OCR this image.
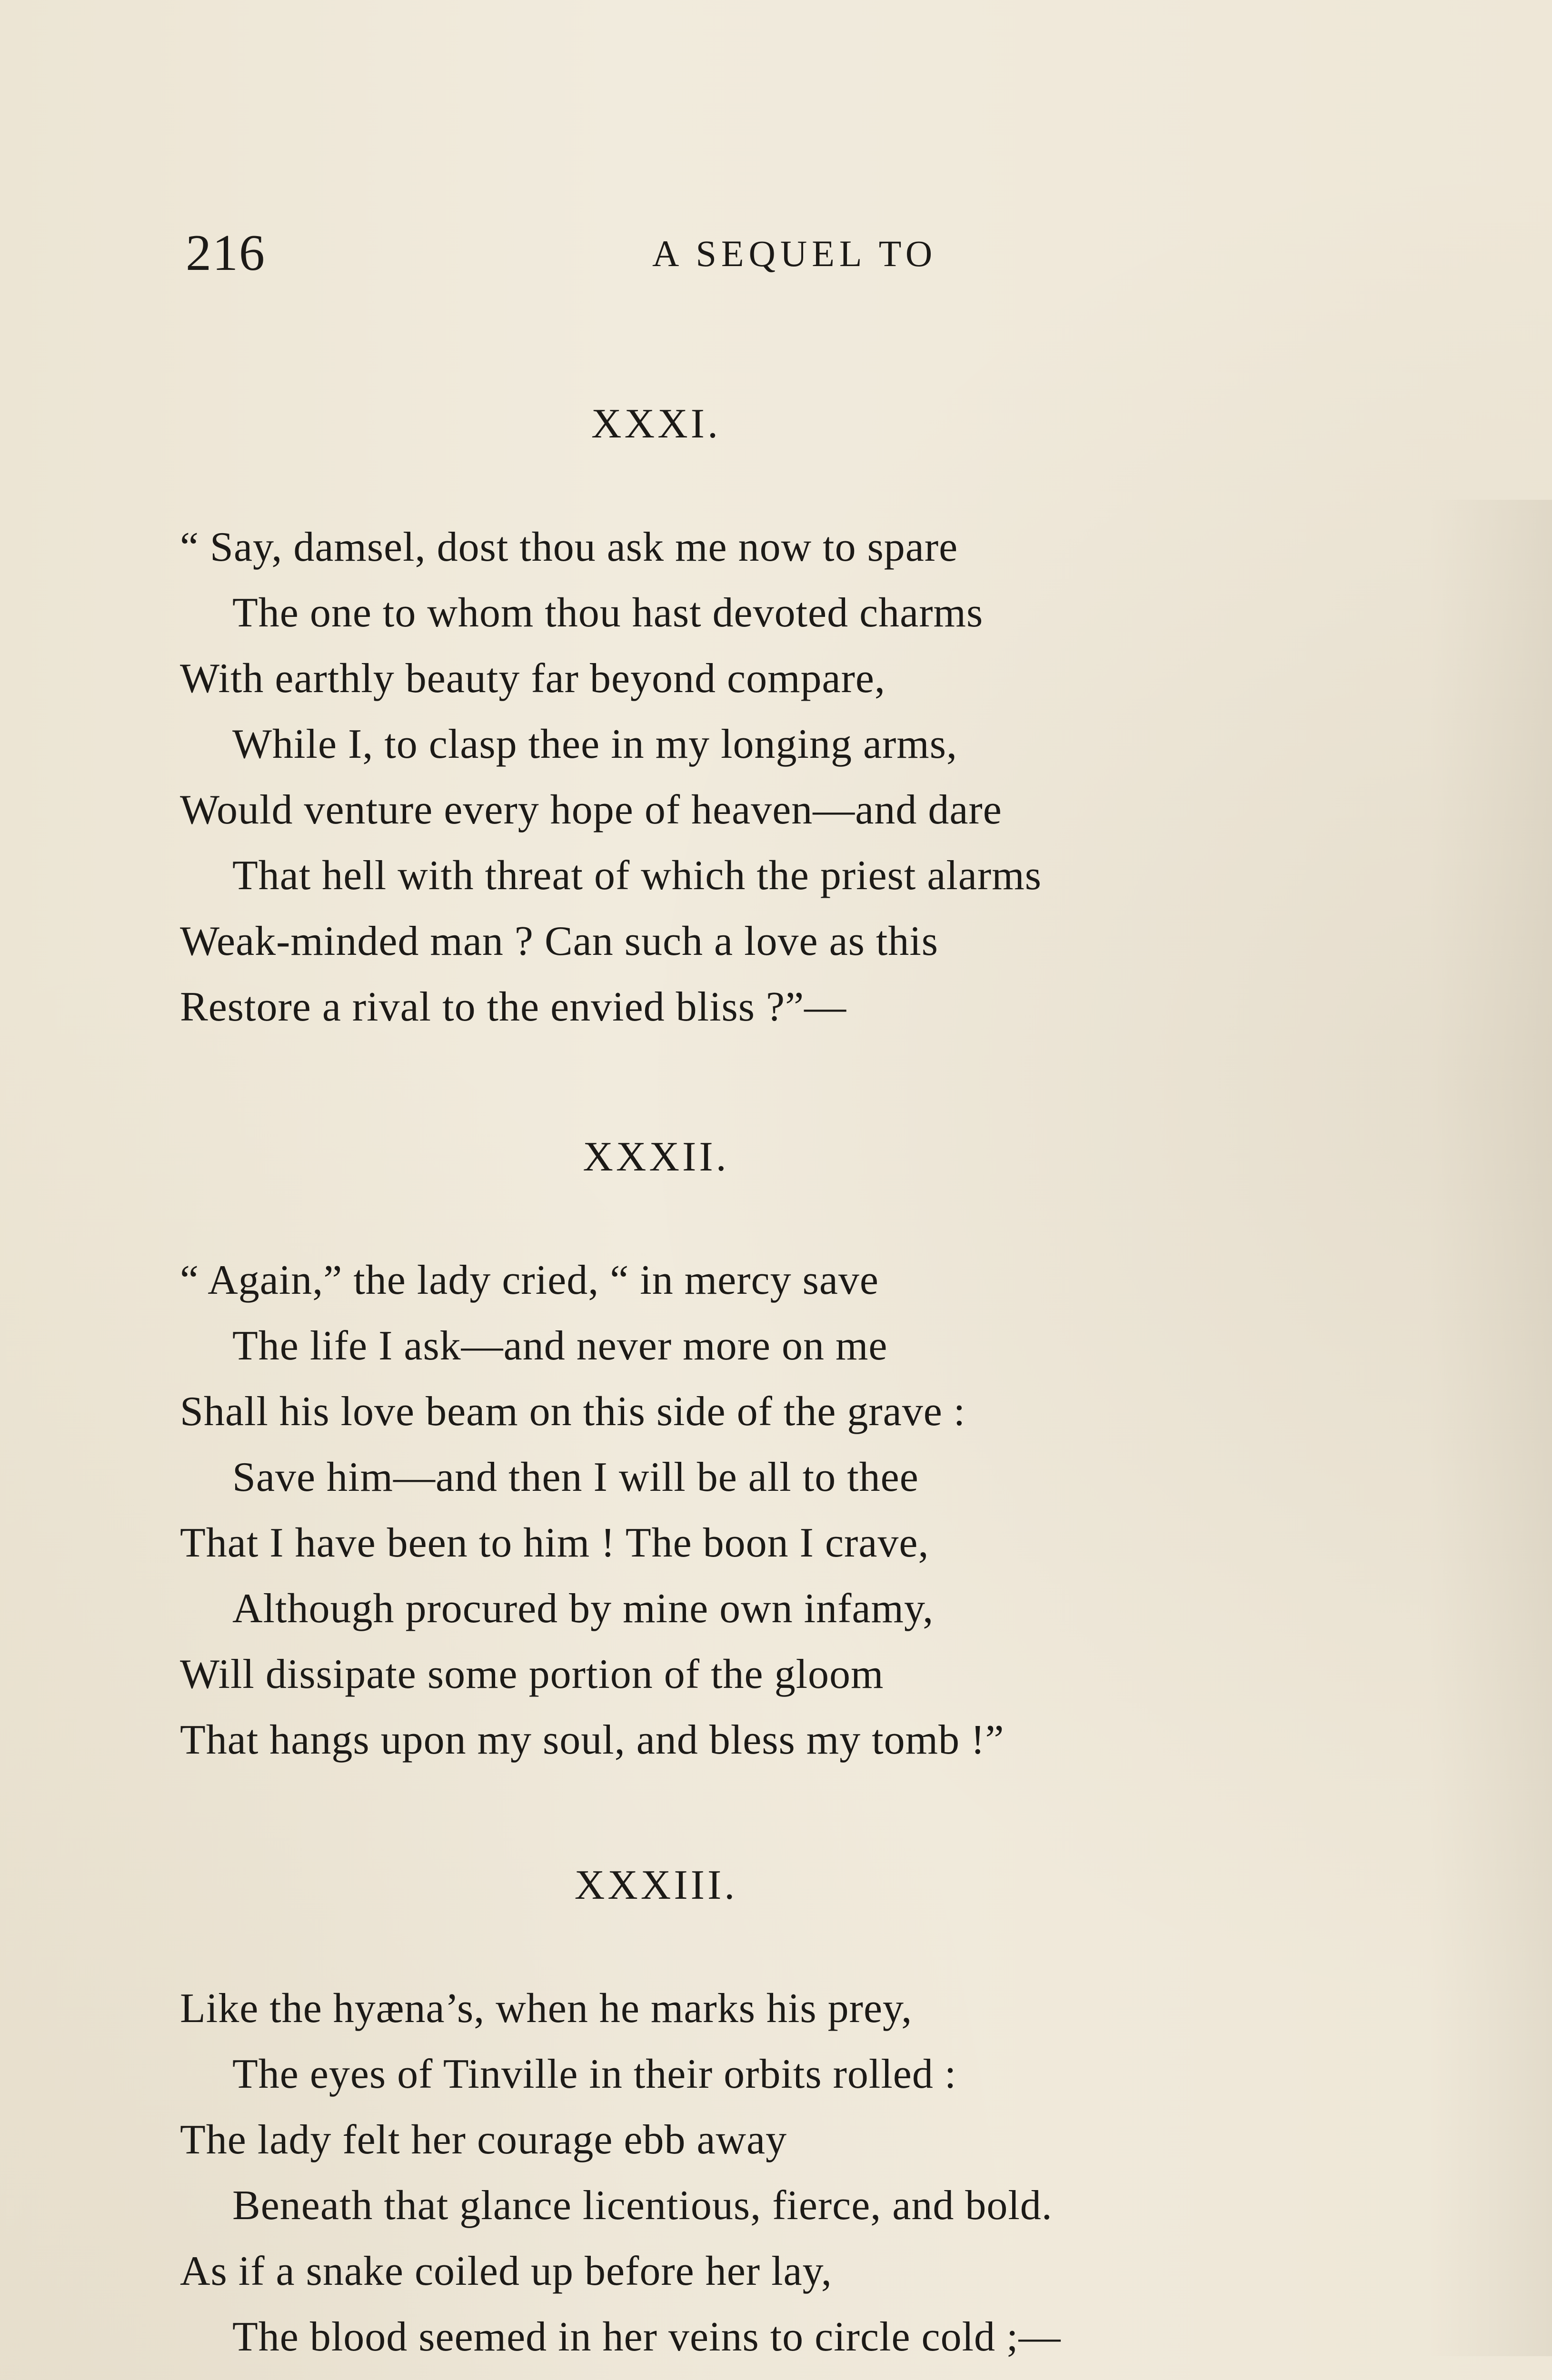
216	A SEQUEL TO
XXXI.
“ Say, damsel, dost thou ask me now to spare
The one to whom thou hast devoted charms
With earthly beauty far beyond compare,
While I, to clasp thee in my longing arms,
Would venture every hope of heaven—and dare
That hell with threat of which the priest alarms
Weak-minded man ? Can such a love as this
Restore a rival to the envied bliss ?”—
XXXII.
“ Again,” the lady cried, “ in mercy save
The life I ask—and never more on me
Shall his love beam on this side of the grave :
Save him—and then I will be all to thee
That I have been to him ! The boon I crave,
Although procured by mine own infamy,
Will dissipate some portion of the gloom
That hangs upon my soul, and bless my tomb !”
XXXIII.
Like the hyæna’s, when he marks his prey,
The eyes of Tinville in their orbits rolled :
The lady felt her courage ebb away
Beneath that glance licentious, fierce, and bold.
As if a snake coiled up before her lay,
The blood seemed in her veins to circle cold ;—
